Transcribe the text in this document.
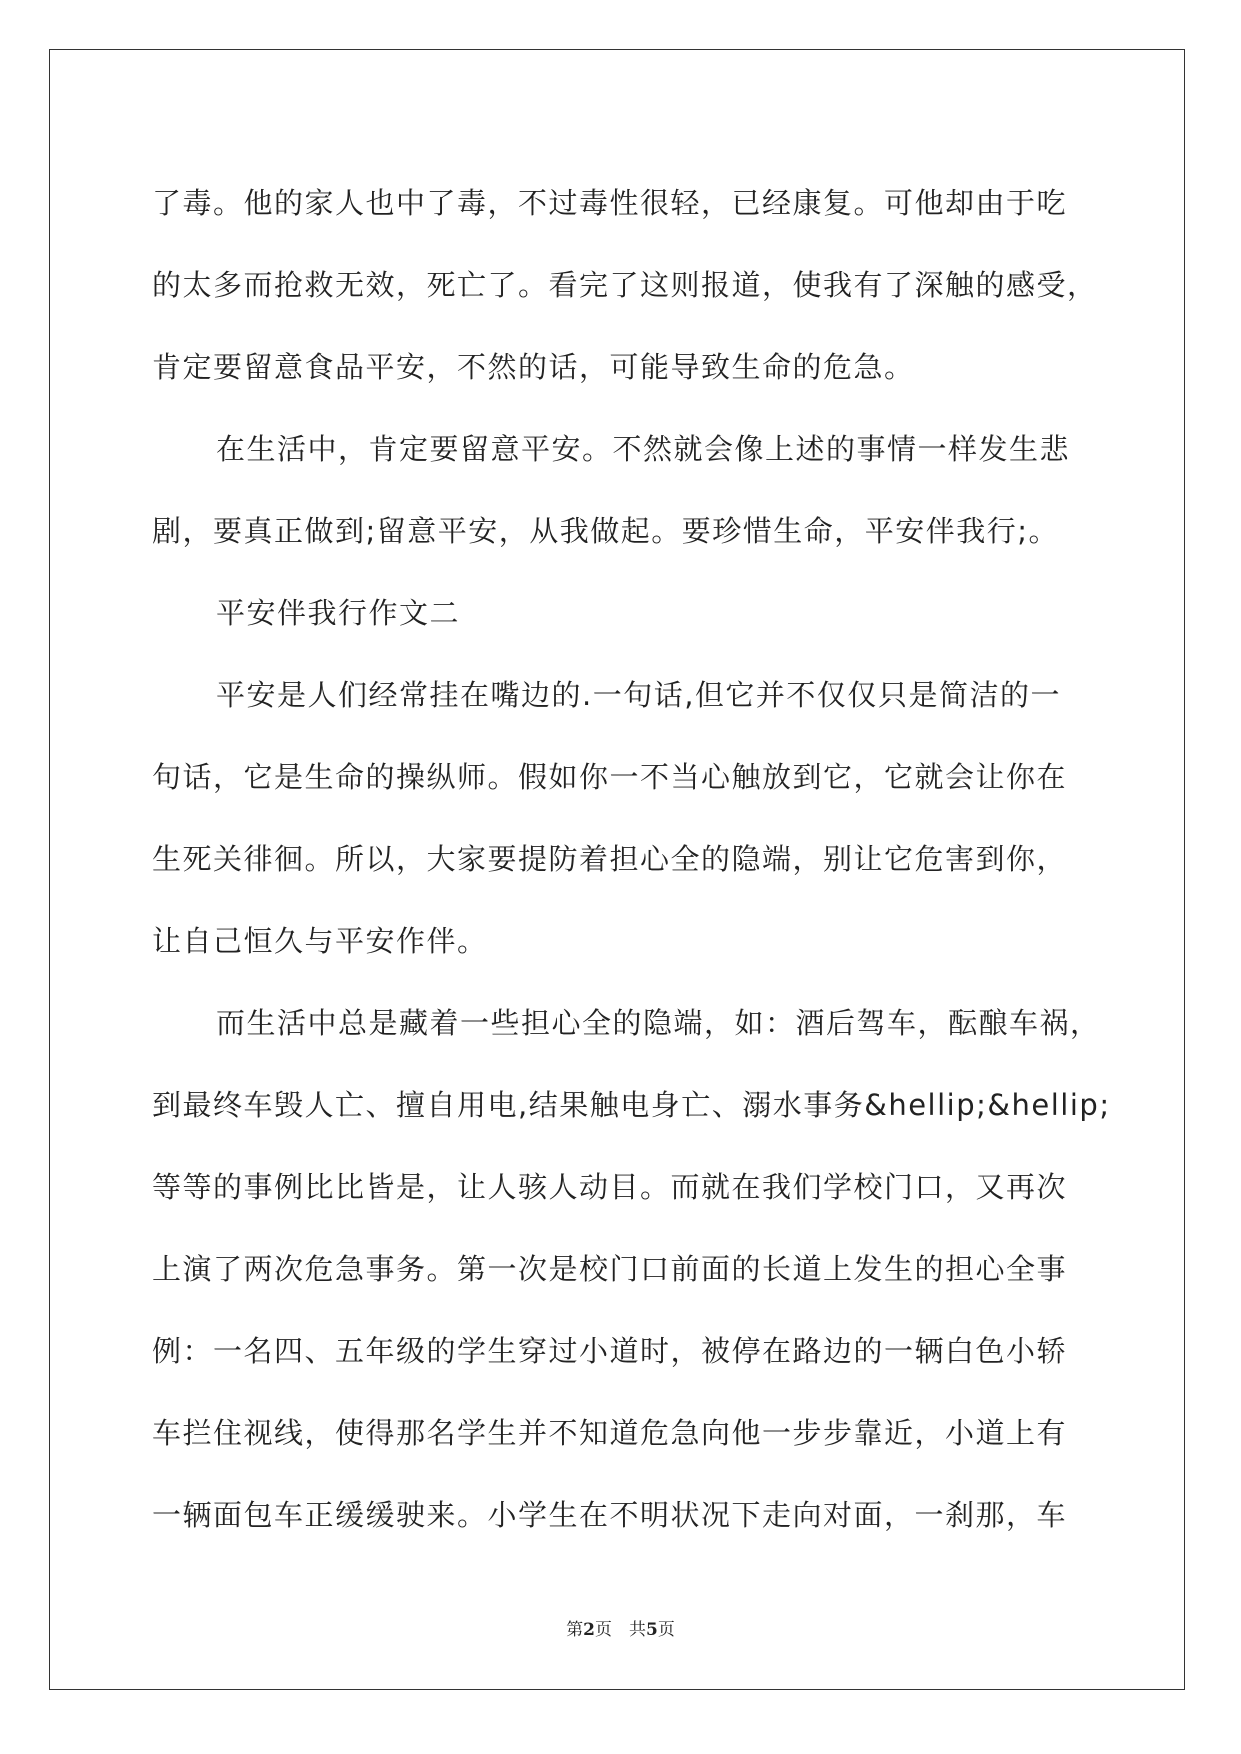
了毒。他的家人也中了毒，不过毒性很轻，已经康复。可他却由于吃
的太多而抢救无效，死亡了。看完了这则报道，使我有了深触的感受，
肯定要留意食品平安，不然的话，可能导致生命的危急。
在生活中，肯定要留意平安。不然就会像上述的事情一样发生悲
剧，要真正做到;留意平安，从我做起。要珍惜生命，平安伴我行;。
平安伴我行作文二
平安是人们经常挂在嘴边的.一句话,但它并不仅仅只是简洁的一
句话，它是生命的操纵师。假如你一不当心触放到它，它就会让你在
生死关徘徊。所以，大家要提防着担心全的隐端，别让它危害到你，
让自己恒久与平安作伴。
而生活中总是藏着一些担心全的隐端，如：酒后驾车，酝酿车祸，
到最终车毁人亡、擅自用电,结果触电身亡、溺水事务&hellip;&hellip;
等等的事例比比皆是，让人骇人动目。而就在我们学校门口，又再次
上演了两次危急事务。第一次是校门口前面的长道上发生的担心全事
例：一名四、五年级的学生穿过小道时，被停在路边的一辆白色小轿
车拦住视线，使得那名学生并不知道危急向他一步步靠近，小道上有
一辆面包车正缓缓驶来。小学生在不明状况下走向对面，一刹那，车
第2页　共5页
